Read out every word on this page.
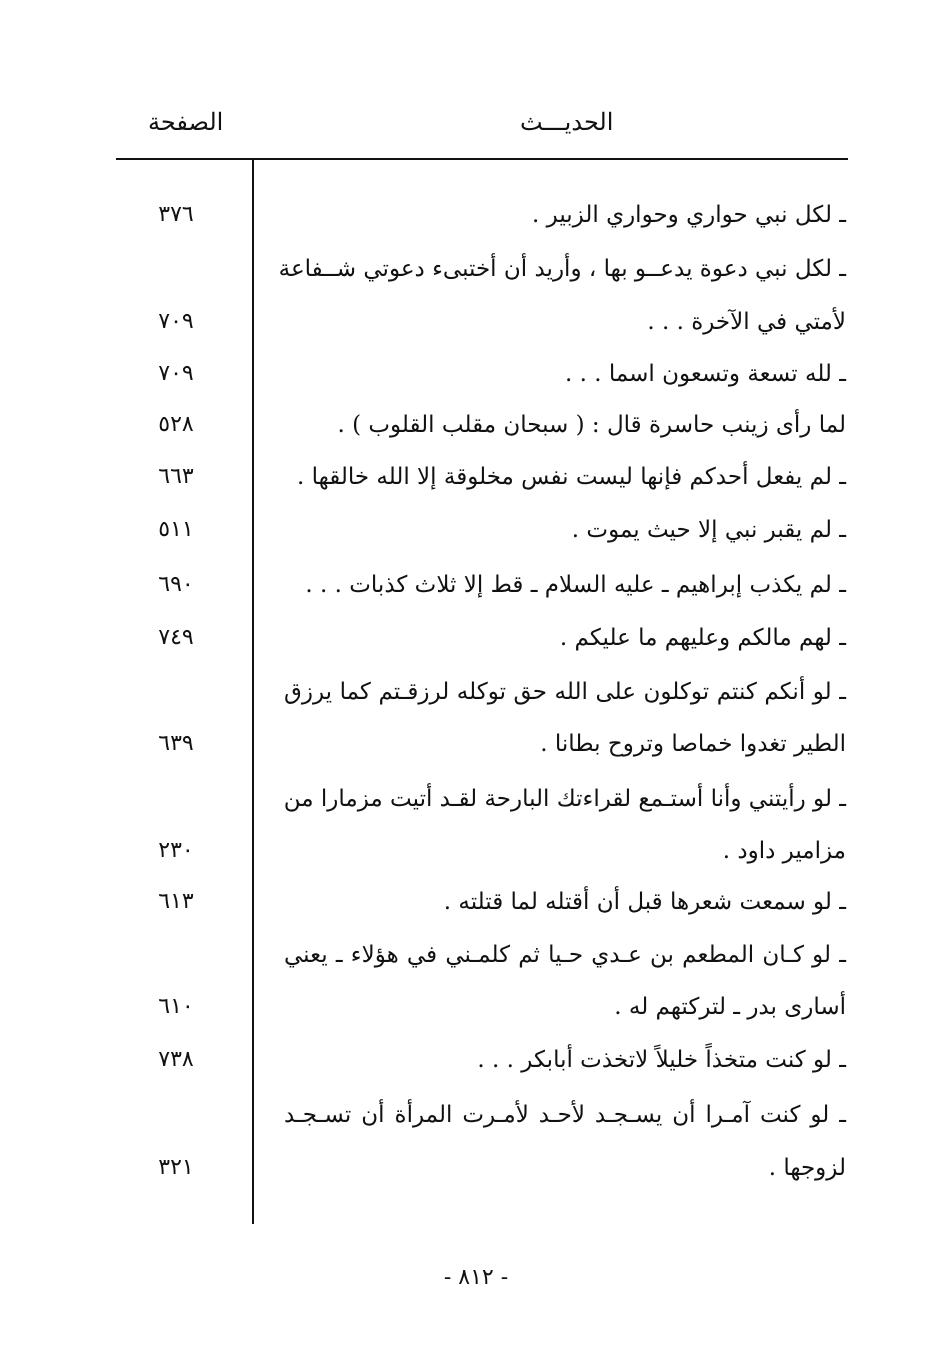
الحديـــث
الصفحة
ـ لكل نبي حواري وحواري الزبير .
٣٧٦
ـ لكل نبي دعوة يدعــو بها ، وأريد أن أختبىء دعوتي شــفاعة
لأمتي في الآخرة . . .
٧٠٩
ـ لله تسعة وتسعون اسما . . .
٧٠٩
لما رأى زينب حاسرة قال : ( سبحان مقلب القلوب ) .
٥٢٨
ـ لم يفعل أحدكم فإنها ليست نفس مخلوقة إلا الله خالقها .
٦٦٣
ـ لم يقبر نبي إلا حيث يموت .
٥١١
ـ لم يكذب إبراهيم ـ عليه السلام ـ قط إلا ثلاث كذبات . . .
٦٩٠
ـ لهم مالكم وعليهم ما عليكم .
٧٤٩
ـ لو أنكم كنتم توكلون على الله حق توكله لرزقـتم كما يرزق
الطير تغدوا خماصا وتروح بطانا .
٦٣٩
ـ لو رأيتني وأنا أستـمع لقراءتك البارحة لقـد أتيت مزمارا من
مزامير داود .
٢٣٠
ـ لو سمعت شعرها قبل أن أقتله لما قتلته .
٦١٣
ـ لو كـان المطعم بن عـدي حـيا ثم كلمـني في هؤلاء ـ يعني
أسارى بدر ـ لتركتهم له .
٦١٠
ـ لو كنت متخذاً خليلاً لاتخذت أبابكر . . .
٧٣٨
ـ لو كنت آمـرا أن يسـجـد لأحـد لأمـرت المرأة أن تسـجـد
لزوجها .
٣٢١
- ٨١٢ -
